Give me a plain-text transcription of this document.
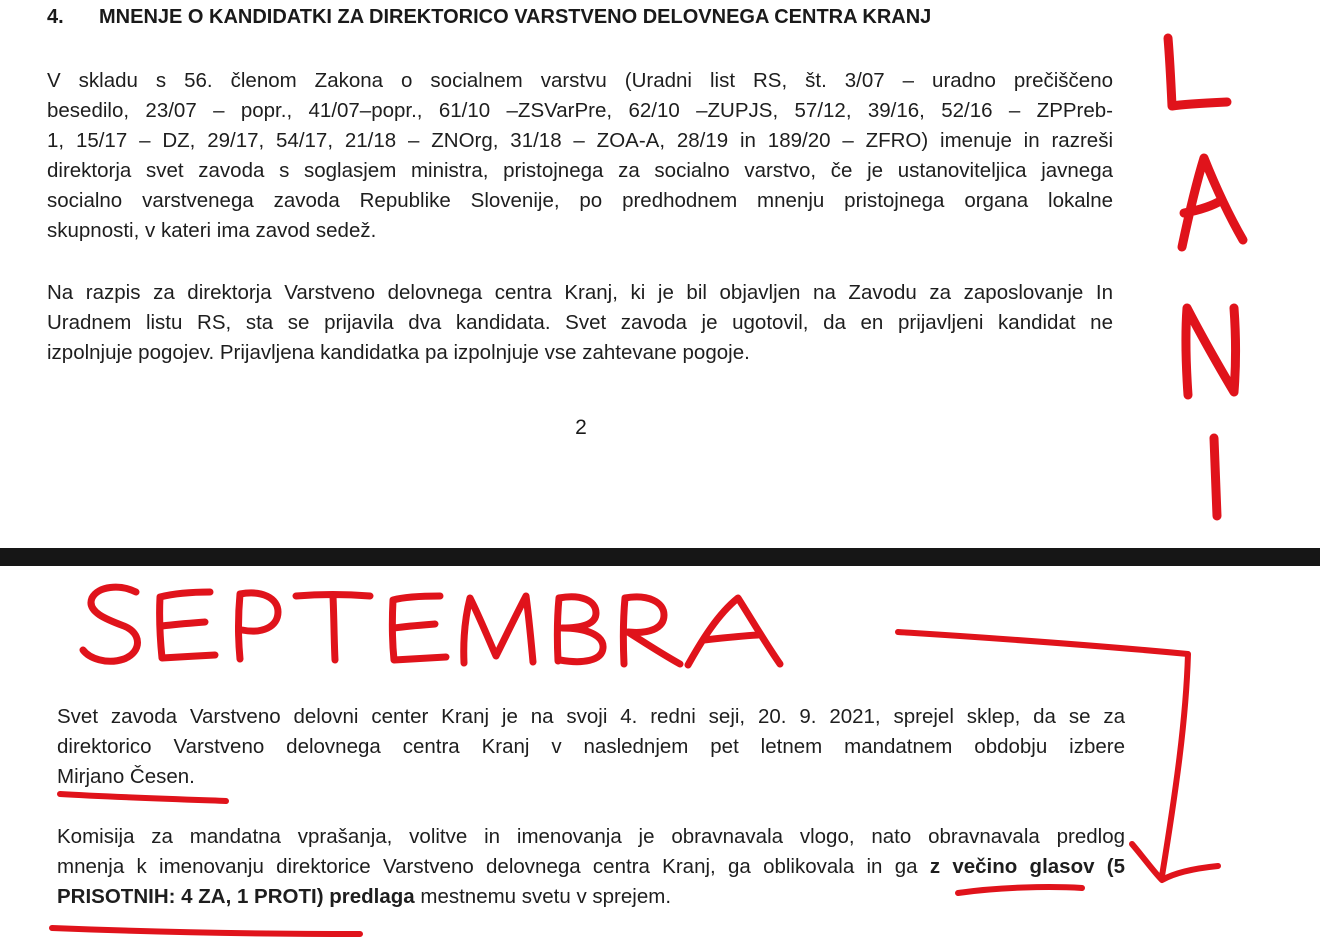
4. MNENJE O KANDIDATKI ZA DIREKTORICO VARSTVENO DELOVNEGA CENTRA KRANJ
V skladu s 56. členom Zakona o socialnem varstvu (Uradni list RS, št. 3/07 – uradno prečiščeno
besedilo, 23/07 – popr., 41/07–popr., 61/10 –ZSVarPre, 62/10 –ZUPJS, 57/12, 39/16, 52/16 – ZPPreb-
1, 15/17 – DZ, 29/17, 54/17, 21/18 – ZNOrg, 31/18 – ZOA-A, 28/19 in 189/20 – ZFRO) imenuje in razreši
direktorja svet zavoda s soglasjem ministra, pristojnega za socialno varstvo, če je ustanoviteljica javnega
socialno varstvenega zavoda Republike Slovenije, po predhodnem mnenju pristojnega organa lokalne
skupnosti, v kateri ima zavod sedež.
Na razpis za direktorja Varstveno delovnega centra Kranj, ki je bil objavljen na Zavodu za zaposlovanje In
Uradnem listu RS, sta se prijavila dva kandidata. Svet zavoda je ugotovil, da en prijavljeni kandidat ne
izpolnjuje pogojev. Prijavljena kandidatka pa izpolnjuje vse zahtevane pogoje.
2
Svet zavoda Varstveno delovni center Kranj je na svoji 4. redni seji, 20. 9. 2021, sprejel sklep, da se za
direktorico Varstveno delovnega centra Kranj v naslednjem pet letnem mandatnem obdobju izbere
Mirjano Česen.
Komisija za mandatna vprašanja, volitve in imenovanja je obravnavala vlogo, nato obravnavala predlog
mnenja k imenovanju direktorice Varstveno delovnega centra Kranj, ga oblikovala in ga z večino glasov (5
PRISOTNIH: 4 ZA, 1 PROTI) predlaga mestnemu svetu v sprejem.
